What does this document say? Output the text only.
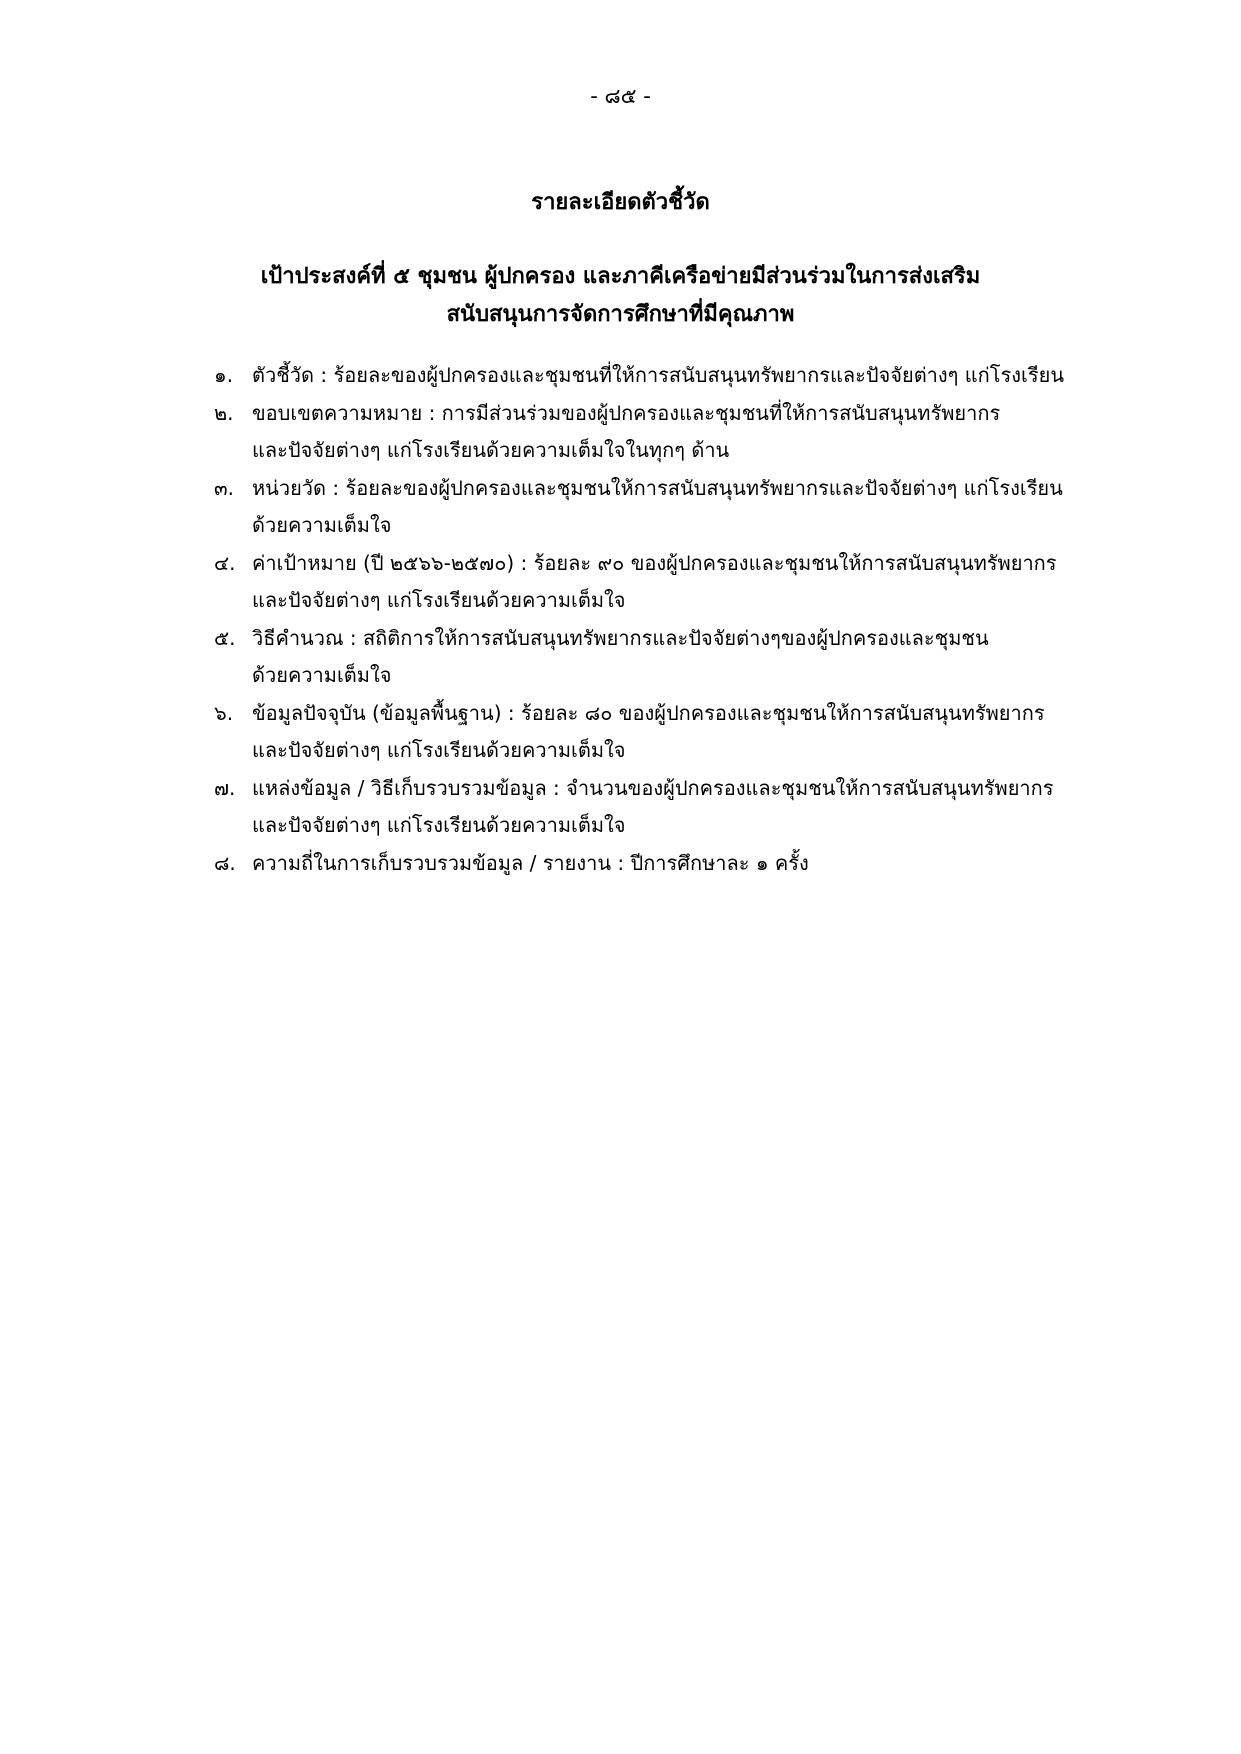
- ๘๕ -
รายละเอียดตัวชี้วัด
เป้าประสงค์ที่ ๕ ชุมชน ผู้ปกครอง และภาคีเครือข่ายมีส่วนร่วมในการส่งเสริม
สนับสนุนการจัดการศึกษาที่มีคุณภาพ
๑. ตัวชี้วัด : ร้อยละของผู้ปกครองและชุมชนที่ให้การสนับสนุนทรัพยากรและปัจจัยต่างๆ แก่โรงเรียน
๒. ขอบเขตความหมาย : การมีส่วนร่วมของผู้ปกครองและชุมชนที่ให้การสนับสนุนทรัพยากร
และปัจจัยต่างๆ แก่โรงเรียนด้วยความเต็มใจในทุกๆ ด้าน
๓. หน่วยวัด : ร้อยละของผู้ปกครองและชุมชนให้การสนับสนุนทรัพยากรและปัจจัยต่างๆ แก่โรงเรียน
ด้วยความเต็มใจ
๔. ค่าเป้าหมาย (ปี ๒๕๖๖-๒๕๗๐) : ร้อยละ ๙๐ ของผู้ปกครองและชุมชนให้การสนับสนุนทรัพยากร
และปัจจัยต่างๆ แก่โรงเรียนด้วยความเต็มใจ
๕. วิธีคำนวณ : สถิติการให้การสนับสนุนทรัพยากรและปัจจัยต่างๆของผู้ปกครองและชุมชน
ด้วยความเต็มใจ
๖. ข้อมูลปัจจุบัน (ข้อมูลพื้นฐาน) : ร้อยละ ๘๐ ของผู้ปกครองและชุมชนให้การสนับสนุนทรัพยากร
และปัจจัยต่างๆ แก่โรงเรียนด้วยความเต็มใจ
๗. แหล่งข้อมูล / วิธีเก็บรวบรวมข้อมูล : จำนวนของผู้ปกครองและชุมชนให้การสนับสนุนทรัพยากร
และปัจจัยต่างๆ แก่โรงเรียนด้วยความเต็มใจ
๘. ความถี่ในการเก็บรวบรวมข้อมูล / รายงาน : ปีการศึกษาละ ๑ ครั้ง
